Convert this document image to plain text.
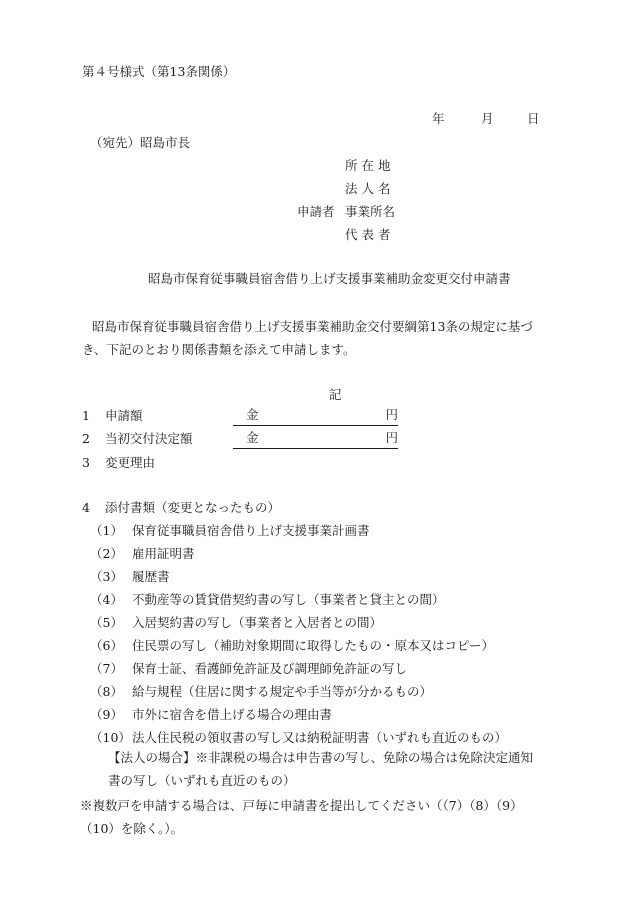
第４号様式（第13条関係）
年	月	日
（宛先）昭島市長
所 在 地
法 人 名
申請者 事業所名
代 表 者
昭島市保育従事職員宿舎借り上げ支援事業補助金変更交付申請書
昭島市保育従事職員宿舎借り上げ支援事業補助金交付要綱第13条の規定に基づ
き、下記のとおり関係書類を添えて申請します。
記
1 申請額	金	円
2 当初交付決定額	金	円
3 変更理由
4 添付書類（変更となったもの）
（1） 保育従事職員宿舎借り上げ支援事業計画書
（2） 雇用証明書
（3） 履歴書
（4） 不動産等の賃貸借契約書の写し（事業者と貸主との間）
（5） 入居契約書の写し（事業者と入居者との間）
（6） 住民票の写し（補助対象期間に取得したもの・原本又はコピー）
（7） 保育士証、看護師免許証及び調理師免許証の写し
（8） 給与規程（住居に関する規定や手当等が分かるもの）
（9） 市外に宿舎を借上げる場合の理由書
（10） 法人住民税の領収書の写し又は納税証明書（いずれも直近のもの）
【法人の場合】※非課税の場合は申告書の写し、免除の場合は免除決定通知
書の写し（いずれも直近のもの）
※複数戸を申請する場合は、戸毎に申請書を提出してください（（7）（8）（9）
（10）を除く。）。
